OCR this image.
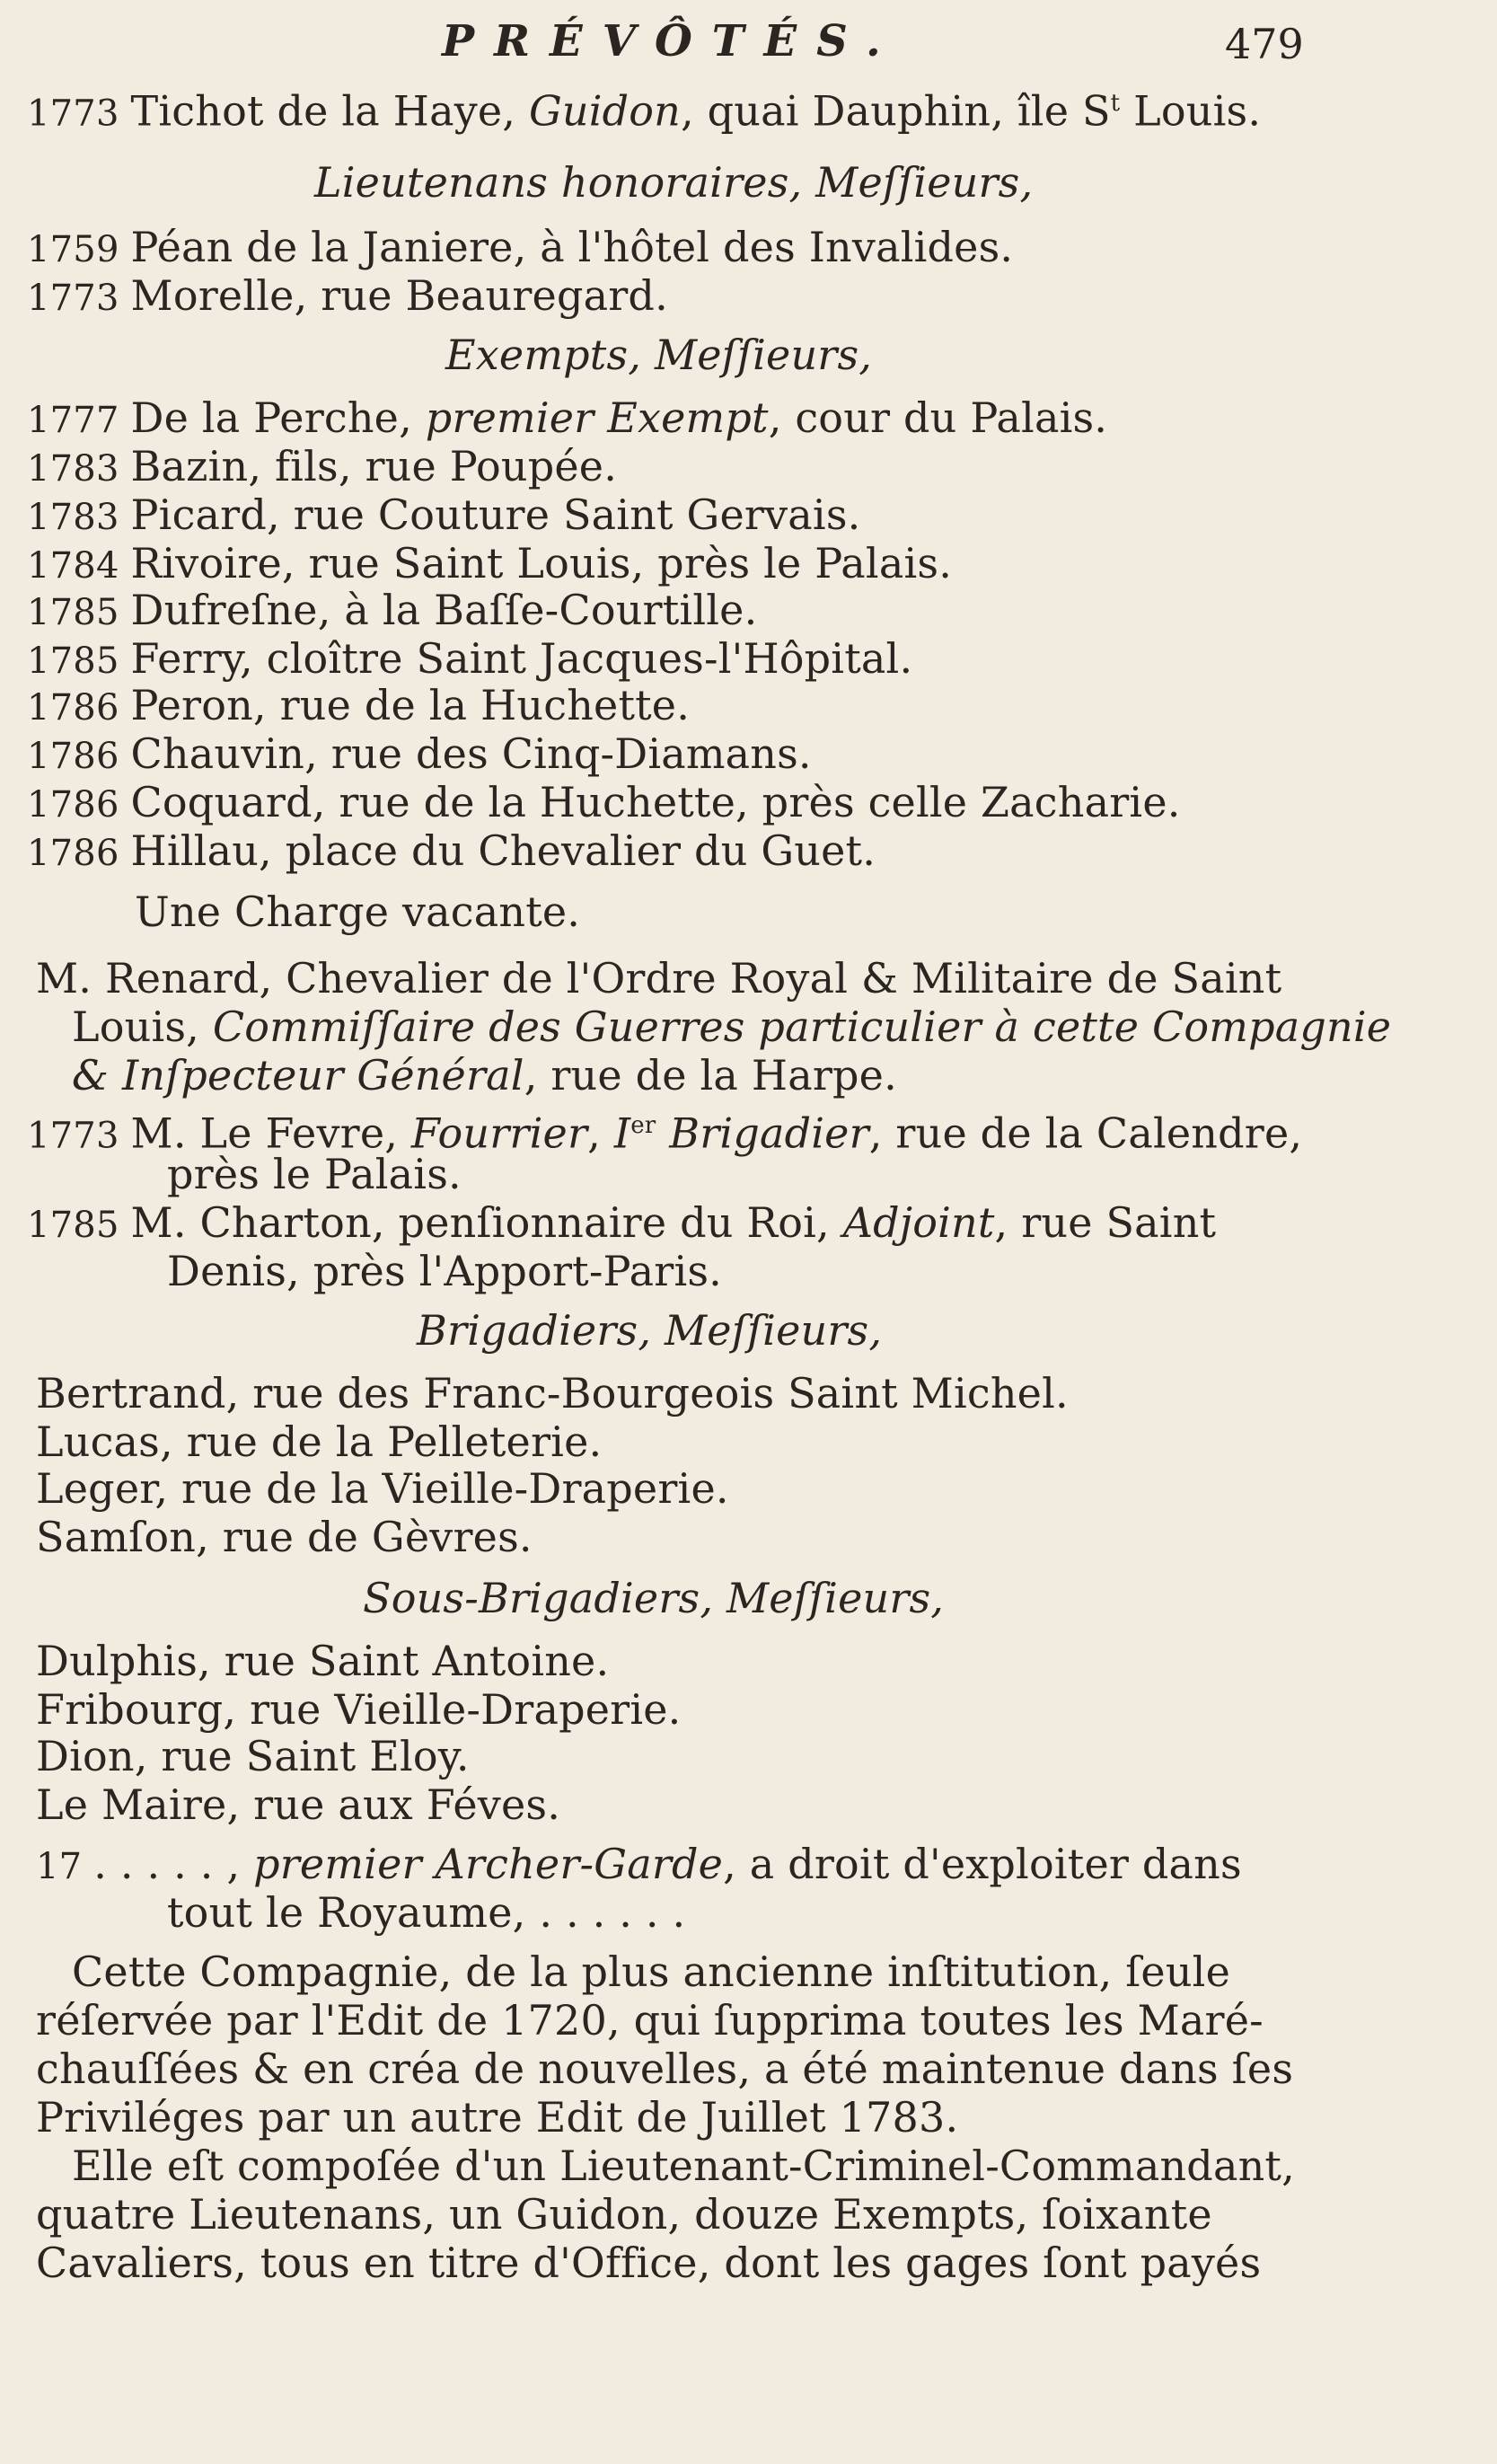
PRÉVÔTÉS.	479
1773 Tichot de la Haye, Guidon, quai Dauphin, île $S^t$ Louis.
Lieutenans honoraires, Meſſieurs,
1759 Péan de la Janiere, à l'hôtel des Invalides.
1773 Morelle, rue Beauregard.
Exempts, Meſſieurs,
1777 De la Perche, premier Exempt, cour du Palais.
1783 Bazin, fils, rue Poupée.
1783 Picard, rue Couture Saint Gervais.
1784 Rivoire, rue Saint Louis, près le Palais.
1785 Dufreſne, à la Baſſe-Courtille.
1785 Ferry, cloître Saint Jacques-l'Hôpital.
1786 Peron, rue de la Huchette.
1786 Chauvin, rue des Cinq-Diamans.
1786 Coquard, rue de la Huchette, près celle Zacharie.
1786 Hillau, place du Chevalier du Guet.
Une Charge vacante.
M. Renard, Chevalier de l'Ordre Royal & Militaire de Saint
Louis, Commiſſaire des Guerres particulier à cette Compagnie
& Inſpecteur Général, rue de la Harpe.
1773 M. Le Fevre, Fourrier, Ier Brigadier, rue de la Calendre,
près le Palais.
1785 M. Charton, penſionnaire du Roi, Adjoint, rue Saint
Denis, près l'Apport-Paris.
Brigadiers, Meſſieurs,
Bertrand, rue des Franc-Bourgeois Saint Michel.
Lucas, rue de la Pelleterie.
Leger, rue de la Vieille-Draperie.
Samſon, rue de Gèvres.
Sous-Brigadiers, Meſſieurs,
Dulphis, rue Saint Antoine.
Fribourg, rue Vieille-Draperie.
Dion, rue Saint Eloy.
Le Maire, rue aux Féves.
17 . . . . . , premier Archer-Garde, a droit d'exploiter dans
tout le Royaume, . . . . . .
Cette Compagnie, de la plus ancienne inſtitution, ſeule
réſervée par l'Edit de 1720, qui ſupprima toutes les Maré-
chauſſées & en créa de nouvelles, a été maintenue dans ſes
Priviléges par un autre Edit de Juillet 1783.
Elle eſt compoſée d'un Lieutenant-Criminel-Commandant,
quatre Lieutenans, un Guidon, douze Exempts, ſoixante
Cavaliers, tous en titre d'Office, dont les gages ſont payés
